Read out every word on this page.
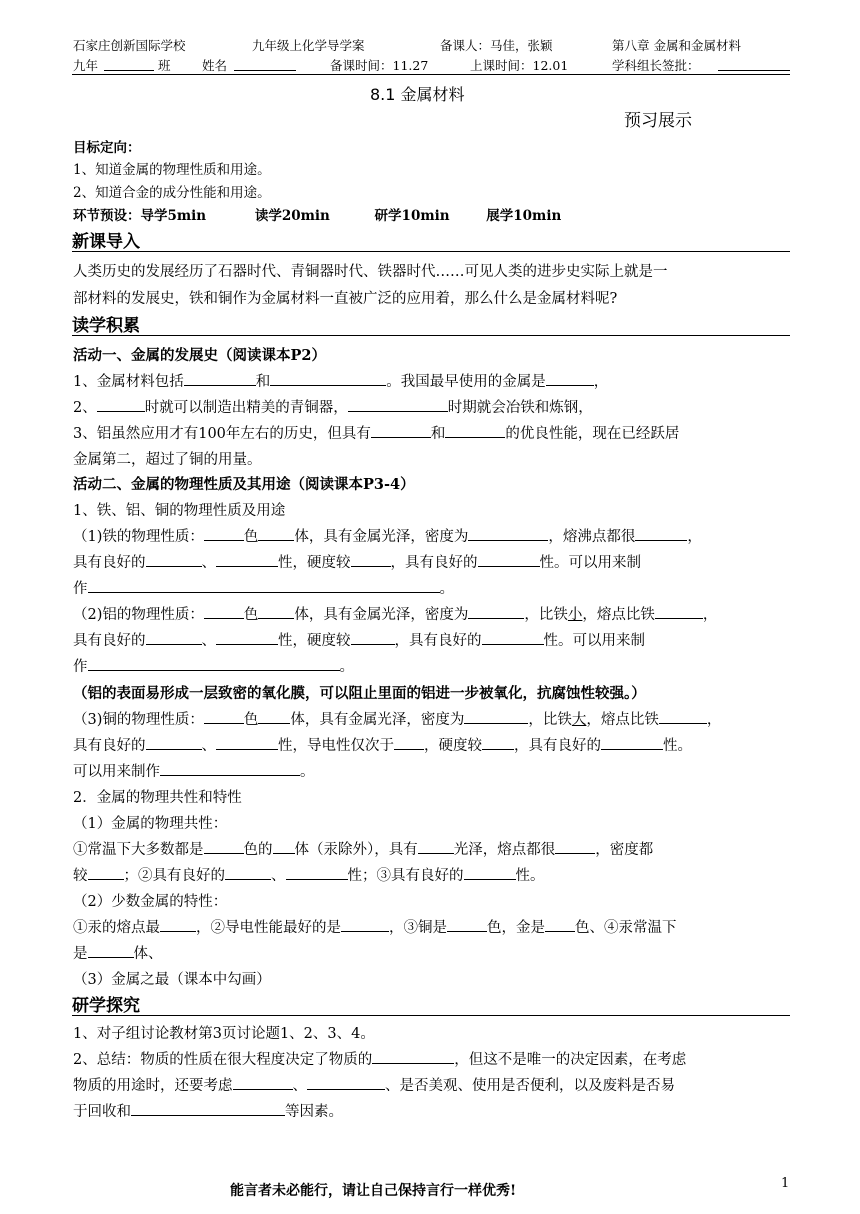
石家庄创新国际学校	九年级上化学导学案	备课人：马佳，张颖	第八章 金属和金属材料
九年	班	姓名	备课时间：11.27	上课时间：12.01	学科组长签批：
8.1 金属材料
预习展示
目标定向：
1、知道金属的物理性质和用途。
2、知道合金的成分性能和用途。
环节预设：导学5min	读学20min	研学10min	展学10min
新课导入
人类历史的发展经历了石器时代、青铜器时代、铁器时代……可见人类的进步史实际上就是一
部材料的发展史，铁和铜作为金属材料一直被广泛的应用着，那么什么是金属材料呢?
读学积累
活动一、金属的发展史（阅读课本P2）
1、金属材料包括	和	。我国最早使用的金属是	，
2、	时就可以制造出精美的青铜器，	时期就会冶铁和炼钢，
3、铝虽然应用才有100年左右的历史，但具有	和	的优良性能，现在已经跃居
金属第二，超过了铜的用量。
活动二、金属的物理性质及其用途（阅读课本P3-4）
1、铁、铝、铜的物理性质及用途
（1)铁的物理性质：	色 体，具有金属光泽，密度为	，熔沸点都很	，
具有良好的	、	性，硬度较	，具有良好的	性。可以用来制
作	。
（2)铝的物理性质：	色 体，具有金属光泽，密度为	，比铁小，熔点比铁	，
具有良好的	、	性，硬度较	，具有良好的	性。可以用来制
作	。
（铝的表面易形成一层致密的氧化膜，可以阻止里面的铝进一步被氧化，抗腐蚀性较强。）
（3)铜的物理性质：	色 体，具有金属光泽，密度为	，比铁大，熔点比铁	，
具有良好的	、	性，导电性仅次于 ，硬度较 ，具有良好的	性。
可以用来制作	。
2．金属的物理共性和特性
（1）金属的物理共性：
①常温下大多数都是	色的 体（汞除外），具有 光泽，熔点都很	，密度都
较 ；②具有良好的	、	性；③具有良好的	性。
（2）少数金属的特性：
①汞的熔点最 ，②导电性能最好的是	，③铜是	色，金是 色、④汞常温下
是	体、
（3）金属之最（课本中勾画）
研学探究
1、对子组讨论教材第3页讨论题1、2、3、4。
2、总结：物质的性质在很大程度决定了物质的	，但这不是唯一的决定因素，在考虑
物质的用途时，还要考虑	、	、是否美观、使用是否便利，以及废料是否易
于回收和	等因素。
能言者未必能行，请让自己保持言行一样优秀!	1
